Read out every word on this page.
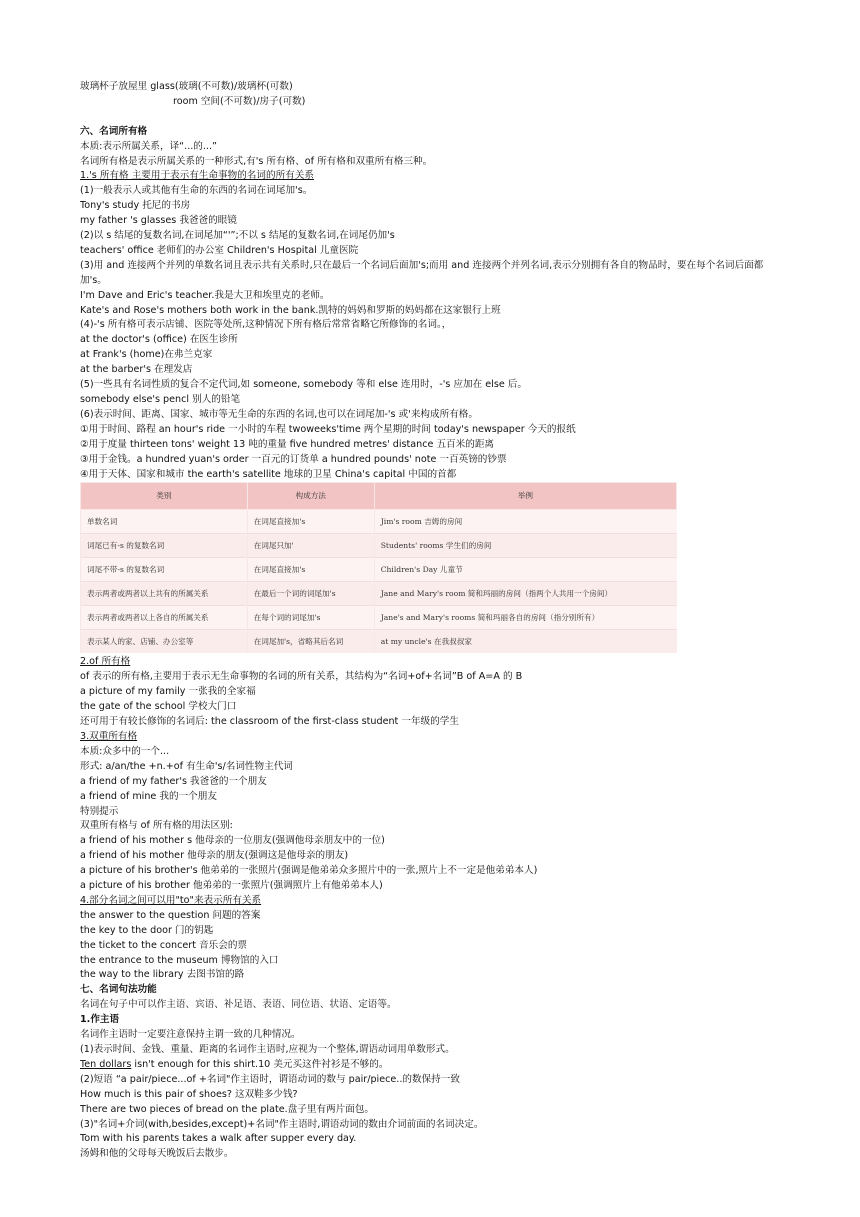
玻璃杯子放屋里 glass(玻璃(不可数)/玻璃杯(可数)
room 空间(不可数)/房子(可数)
六、名词所有格
本质:表示所属关系，译“...的...”
名词所有格是表示所属关系的一种形式,有's 所有格、of 所有格和双重所有格三种。
1.'s 所有格 主要用于表示有生命事物的名词的所有关系
(1)一般表示人或其他有生命的东西的名词在词尾加's。
Tony's study 托尼的书房
my father 's glasses 我爸爸的眼镜
(2)以 s 结尾的复数名词,在词尾加“'”;不以 s 结尾的复数名词,在词尾仍加's
teachers' office 老师们的办公室 Children's Hospital 儿童医院
(3)用 and 连接两个并列的单数名词且表示共有关系时,只在最后一个名词后面加's;而用 and 连接两个并列名词,表示分别拥有各自的物品时，要在每个名词后面都加's。
I'm Dave and Eric's teacher.我是大卫和埃里克的老师。
Kate's and Rose's mothers both work in the bank.凯特的妈妈和罗斯的妈妈都在这家银行上班
(4)-'s 所有格可表示店铺、医院等处所,这种情况下所有格后常常省略它所修饰的名词。，
at the doctor's (office) 在医生诊所
at Frank's (home)在弗兰克家
at the barber's 在理发店
(5)一些具有名词性质的复合不定代词,如 someone, somebody 等和 else 连用时，-'s 应加在 else 后。
somebody else's pencl 别人的铅笔
(6)表示时间、距离、国家、城市等无生命的东西的名词,也可以在词尾加-'s 或'来构成所有格。
①用于时间、路程 an hour's ride 一小时的车程 twoweeks'time 两个星期的时间 today's newspaper 今天的报纸
②用于度量 thirteen tons' weight 13 吨的重量 five hundred metres' distance 五百米的距离
③用于金钱。a hundred yuan's order 一百元的订货单 a hundred pounds' note 一百英镑的钞票
④用于天体、国家和城市 the earth's satellite 地球的卫星 China's capital 中国的首都
类别	构成方法	举例
单数名词	在词尾直接加's	Jim's room 吉姆的房间
词尾已有-s 的复数名词	在词尾只加'	Students' rooms 学生们的房间
词尾不带-s 的复数名词	在词尾直接加's	Children's Day 儿童节
表示两者或两者以上共有的所属关系	在最后一个词的词尾加's	Jane and Mary's room 简和玛丽的房间（指两个人共用一个房间）
表示两者或两者以上各自的所属关系	在每个词的词尾加's	Jane's and Mary's rooms 简和玛丽各自的房间（指分别所有）
表示某人的家、店铺、办公室等	在词尾加's，省略其后名词	at my uncle's 在我叔叔家
2.of 所有格
of 表示的所有格,主要用于表示无生命事物的名词的所有关系，其结构为“名词+of+名词”B of A=A 的 B
a picture of my family 一张我的全家福
the gate of the school 学校大门口
还可用于有较长修饰的名词后: the classroom of the first-class student 一年级的学生
3.双重所有格
本质:众多中的一个...
形式: a/an/the +n.+of 有生命's/名词性物主代词
a friend of my father's 我爸爸的一个朋友
a friend of mine 我的一个朋友
特别提示
双重所有格与 of 所有格的用法区别:
a friend of his mother s 他母亲的一位朋友(强调他母亲朋友中的一位)
a friend of his mother 他母亲的朋友(强调这是他母亲的朋友)
a picture of his brother's 他弟弟的一张照片(强调是他弟弟众多照片中的一张,照片上不一定是他弟弟本人)
a picture of his brother 他弟弟的一张照片(强调照片上有他弟弟本人)
4.部分名词之间可以用"to"来表示所有关系
the answer to the question 问题的答案
the key to the door 门的钥匙
the ticket to the concert 音乐会的票
the entrance to the museum 博物馆的入口
the way to the library 去图书馆的路
七、名词句法功能
名词在句子中可以作主语、宾语、补足语、表语、同位语、状语、定语等。
1.作主语
名词作主语时一定要注意保持主谓一致的几种情况。
(1)表示时间、金钱、重量、距离的名词作主语时,应视为一个整体,谓语动词用单数形式。
Ten dollars isn't enough for this shirt.10 美元买这件衬衫是不够的。
(2)短语 “a pair/piece...of +名词"作主语时，谓语动词的数与 pair/piece..的数保持一致
How much is this pair of shoes? 这双鞋多少钱?
There are two pieces of bread on the plate.盘子里有两片面包。
(3)"名词+介词(with,besides,except)+名词"作主语时,谓语动词的数由介词前面的名词决定。
Tom with his parents takes a walk after supper every day.
汤姆和他的父母每天晚饭后去散步。
